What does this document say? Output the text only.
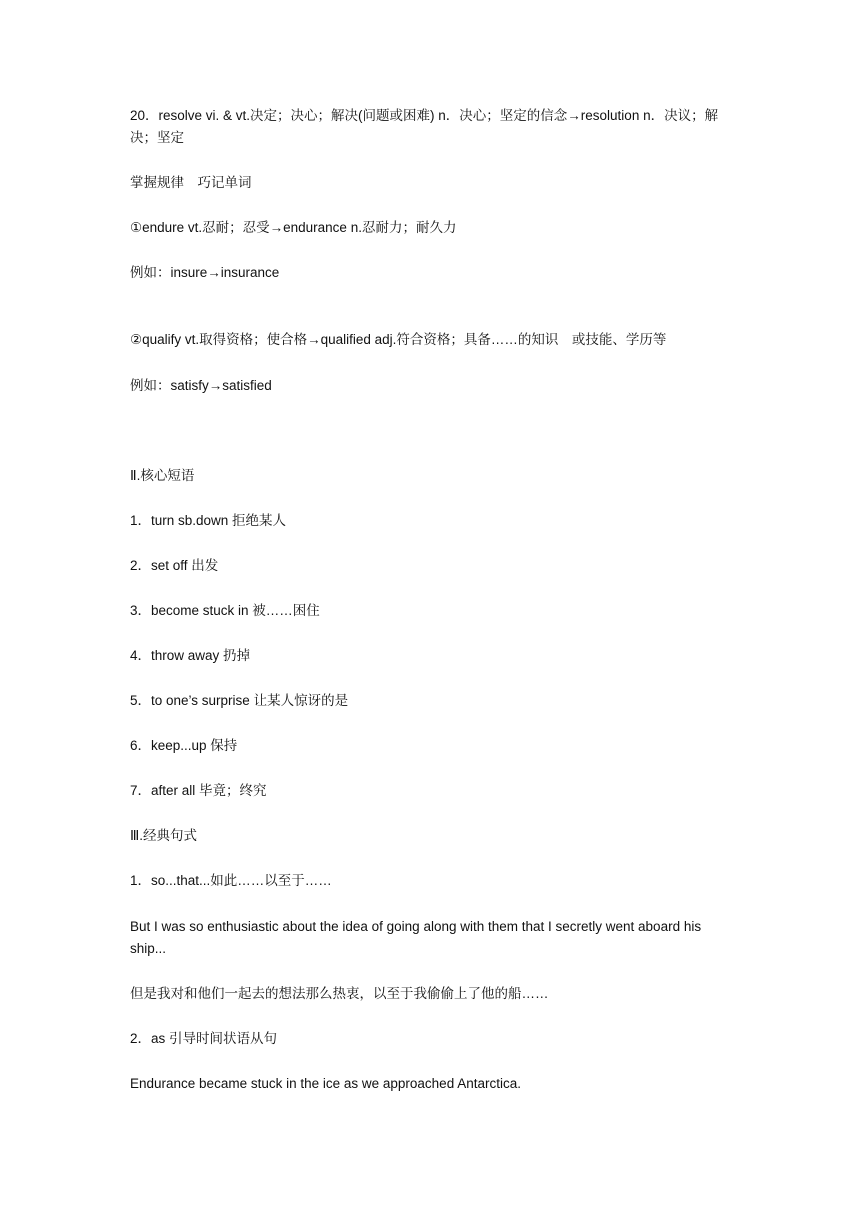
20．resolve vi. & vt.决定；决心；解决(问题或困难) n．决心；坚定的信念→resolution n．决议；解决；坚定
掌握规律　巧记单词
①endure vt.忍耐；忍受→endurance n.忍耐力；耐久力
例如：insure→insurance
②qualify vt.取得资格；使合格→qualified adj.符合资格；具备……的知识　或技能、学历等
例如：satisfy→satisfied
Ⅱ.核心短语
1．turn sb.down 拒绝某人
2．set off 出发
3．become stuck in 被……困住
4．throw away 扔掉
5．to one’s surprise 让某人惊讶的是
6．keep...up 保持
7．after all 毕竟；终究
Ⅲ.经典句式
1．so...that...如此……以至于……
But I was so enthusiastic about the idea of going along with them that I secretly went aboard his ship...
但是我对和他们一起去的想法那么热衷，以至于我偷偷上了他的船……
2．as 引导时间状语从句
Endurance became stuck in the ice as we approached Antarctica.
